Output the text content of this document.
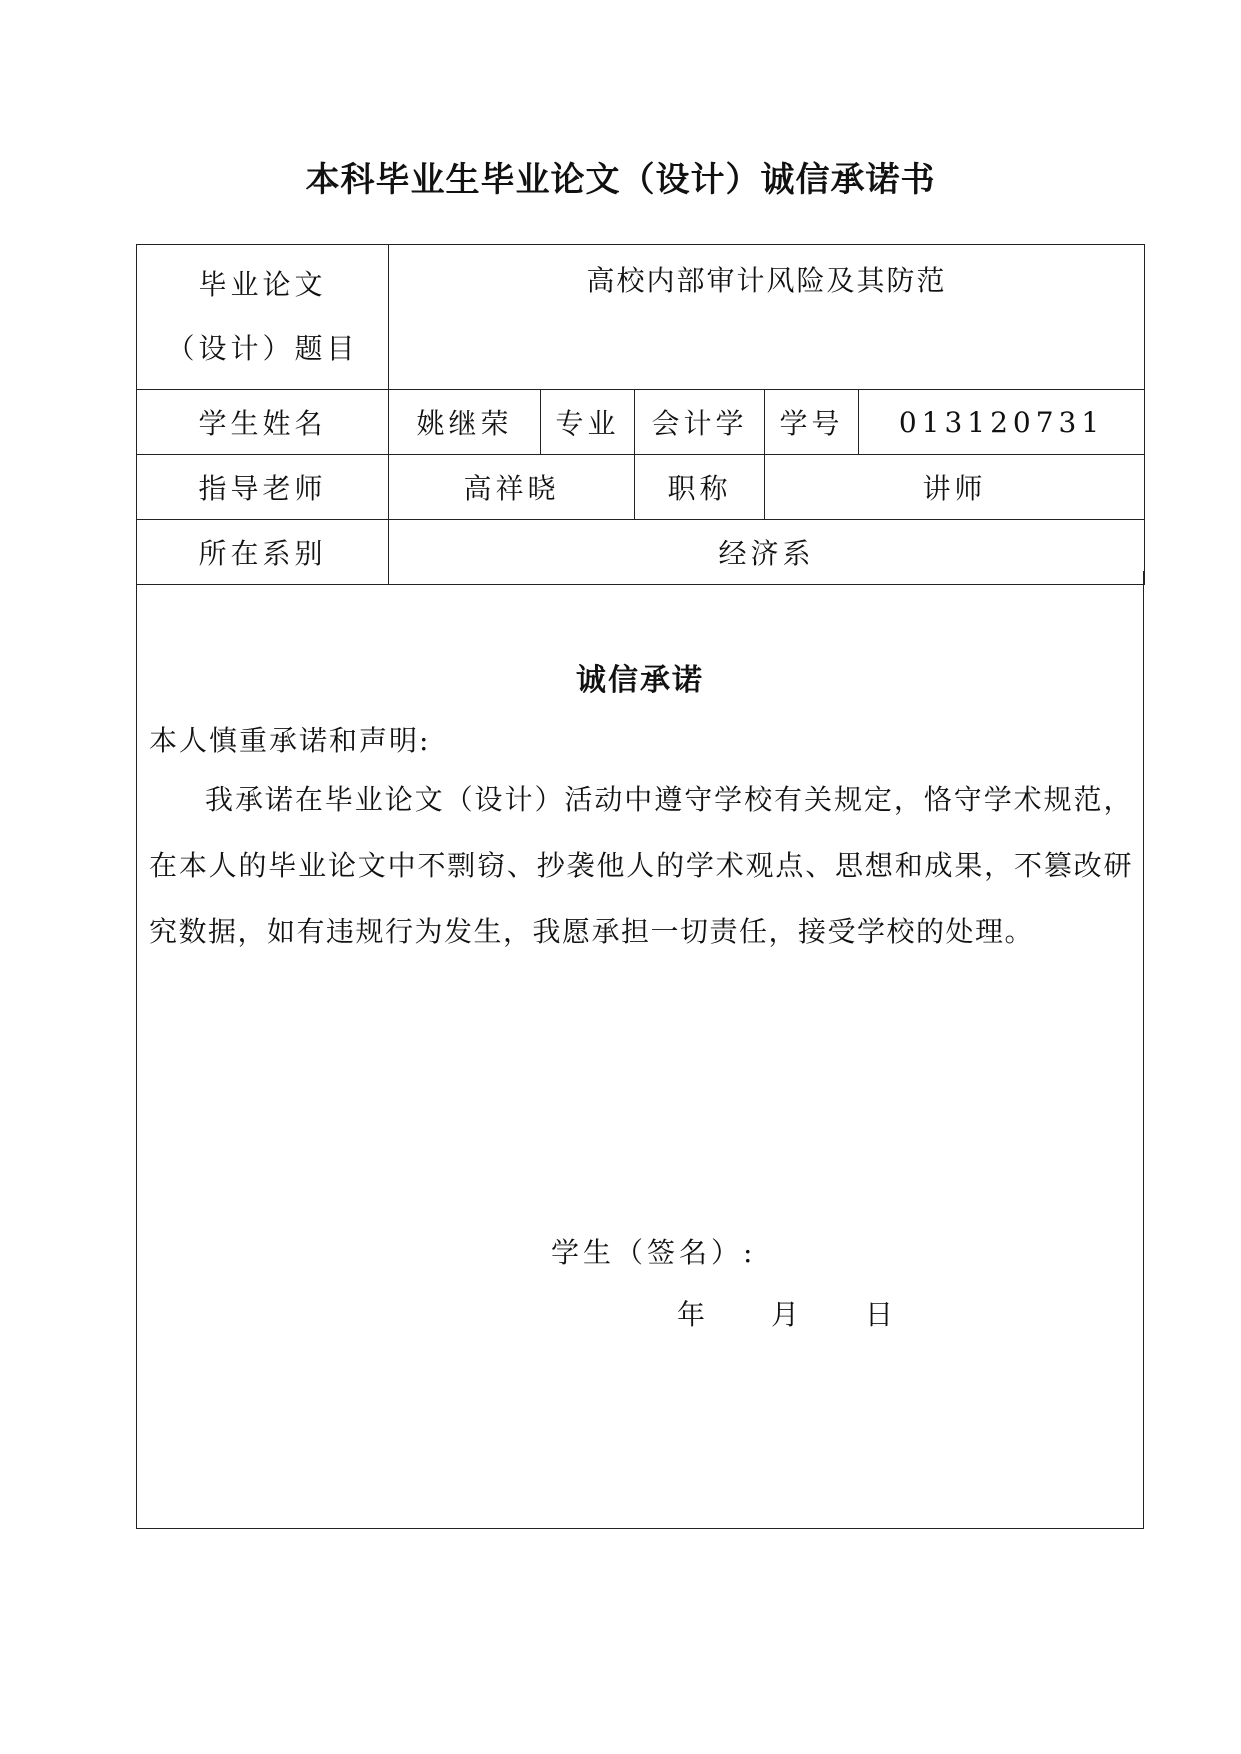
本科毕业生毕业论文（设计）诚信承诺书
毕业论文
（设计）题目	高校内部审计风险及其防范				
学生姓名	姚继荣	专业	会计学	学号	013120731
指导老师	高祥晓		职称	讲师	
所在系别	经济系				
诚信承诺
本人慎重承诺和声明:
我承诺在毕业论文（设计）活动中遵守学校有关规定，恪守学术规范，在本人的毕业论文中不剽窃、抄袭他人的学术观点、思想和成果，不篡改研究数据，如有违规行为发生，我愿承担一切责任，接受学校的处理。
学生（签名）:
年 月 日
